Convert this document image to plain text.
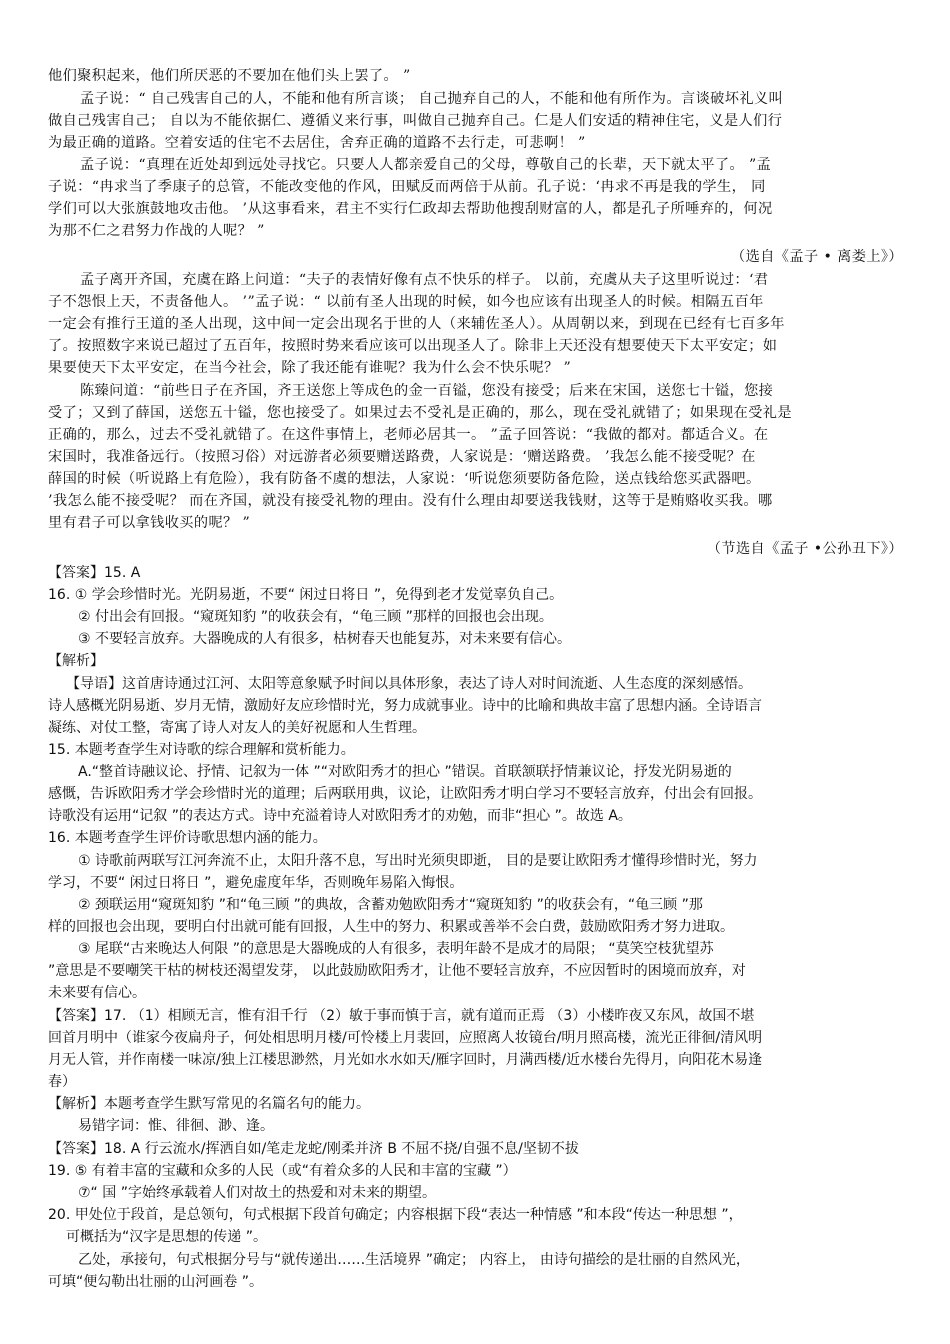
他们聚积起来，他们所厌恶的不要加在他们头上罢了。 ”
孟子说：“ 自己残害自己的人，不能和他有所言谈； 自己抛弃自己的人，不能和他有所作为。言谈破坏礼义叫
做自己残害自己； 自以为不能依据仁、遵循义来行事，叫做自己抛弃自己。仁是人们安适的精神住宅，义是人们行
为最正确的道路。空着安适的住宅不去居住，舍弃正确的道路不去行走，可悲啊！ ”
孟子说：“真理在近处却到远处寻找它。只要人人都亲爱自己的父母，尊敬自己的长辈，天下就太平了。 ”孟
子说：“冉求当了季康子的总管，不能改变他的作风，田赋反而两倍于从前。孔子说：‘冉求不再是我的学生， 同
学们可以大张旗鼓地攻击他。 ’从这事看来，君主不实行仁政却去帮助他搜刮财富的人，都是孔子所唾弃的，何况
为那不仁之君努力作战的人呢？ ”
（选自《孟子 • 离娄上》）
孟子离开齐国，充虞在路上问道：“夫子的表情好像有点不快乐的样子。 以前，充虞从夫子这里听说过：‘君
子不怨恨上天，不责备他人。 ’”孟子说：“ 以前有圣人出现的时候，如今也应该有出现圣人的时候。相隔五百年
一定会有推行王道的圣人出现，这中间一定会出现名于世的人（来辅佐圣人）。从周朝以来，到现在已经有七百多年
了。按照数字来说已超过了五百年，按照时势来看应该可以出现圣人了。除非上天还没有想要使天下太平安定；如
果要使天下太平安定，在当今社会，除了我还能有谁呢？我为什么会不快乐呢？ ”
陈臻问道：“前些日子在齐国，齐王送您上等成色的金一百镒，您没有接受；后来在宋国，送您七十镒，您接
受了；又到了薛国，送您五十镒，您也接受了。如果过去不受礼是正确的，那么，现在受礼就错了；如果现在受礼是
正确的，那么，过去不受礼就错了。在这件事情上，老师必居其一。 ”孟子回答说：“我做的都对。都适合义。在
宋国时，我准备远行。（按照习俗）对远游者必须要赠送路费，人家说是：‘赠送路费。 ’我怎么能不接受呢？在
薛国的时候（听说路上有危险），我有防备不虞的想法，人家说：‘听说您须要防备危险，送点钱给您买武器吧。
’我怎么能不接受呢？ 而在齐国，就没有接受礼物的理由。没有什么理由却要送我钱财，这等于是贿赂收买我。哪
里有君子可以拿钱收买的呢？ ”
（节选自《孟子 •公孙丑下》）
【答案】15. A
16. ① 学会珍惜时光。光阴易逝，不要“ 闲过日将日 ”，免得到老才发觉辜负自己。
② 付出会有回报。“窥斑知豹 ”的收获会有，“龟三顾 ”那样的回报也会出现。
③ 不要轻言放弃。大器晚成的人有很多，枯树春天也能复苏，对未来要有信心。
【解析】
【导语】这首唐诗通过江河、太阳等意象赋予时间以具体形象，表达了诗人对时间流逝、人生态度的深刻感悟。
诗人感概光阴易逝、岁月无情，激励好友应珍惜时光，努力成就事业。诗中的比喻和典故丰富了思想内涵。全诗语言
凝练、对仗工整，寄寓了诗人对友人的美好祝愿和人生哲理。
15. 本题考查学生对诗歌的综合理解和赏析能力。
A.“整首诗融议论、抒情、记叙为一体 ”“对欧阳秀才的担心 ”错误。首联颔联抒情兼议论，抒发光阴易逝的
感慨，告诉欧阳秀才学会珍惜时光的道理；后两联用典，议论，让欧阳秀才明白学习不要轻言放弃，付出会有回报。
诗歌没有运用“记叙 ”的表达方式。诗中充溢着诗人对欧阳秀才的劝勉，而非“担心 ”。故选 A。
16. 本题考查学生评价诗歌思想内涵的能力。
① 诗歌前两联写江河奔流不止，太阳升落不息，写出时光须臾即逝， 目的是要让欧阳秀才懂得珍惜时光，努力
学习，不要“ 闲过日将日 ”，避免虚度年华，否则晚年易陷入悔恨。
② 颈联运用“窥斑知豹 ”和“龟三顾 ”的典故，含蓄劝勉欧阳秀才“窥斑知豹 ”的收获会有，“龟三顾 ”那
样的回报也会出现，要明白付出就可能有回报，人生中的努力、积累或善举不会白费，鼓励欧阳秀才努力进取。
③ 尾联“古来晚达人何限 ”的意思是大器晚成的人有很多，表明年龄不是成才的局限； “莫笑空枝犹望苏
”意思是不要嘲笑干枯的树枝还渴望发芽， 以此鼓励欧阳秀才，让他不要轻言放弃，不应因暂时的困境而放弃，对
未来要有信心。
【答案】17. （1）相顾无言，惟有泪千行 （2）敏于事而慎于言，就有道而正焉 （3）小楼昨夜又东风，故国不堪
回首月明中（谁家今夜扁舟子，何处相思明月楼/可怜楼上月裴回，应照离人妆镜台/明月照高楼，流光正徘徊/清风明
月无人管，并作南楼一味凉/独上江楼思渺然，月光如水水如天/雁字回时，月满西楼/近水楼台先得月，向阳花木易逢
春）
【解析】本题考查学生默写常见的名篇名句的能力。
易错字词：惟、徘徊、渺、逢。
【答案】18. A 行云流水/挥洒自如/笔走龙蛇/刚柔并济 B 不屈不挠/自强不息/坚韧不拔
19. ⑤ 有着丰富的宝藏和众多的人民（或“有着众多的人民和丰富的宝藏 ”）
⑦“ 国 ”字始终承载着人们对故土的热爱和对未来的期望。
20. 甲处位于段首，是总领句，句式根据下段首句确定；内容根据下段“表达一种情感 ”和本段“传达一种思想 ”，
可概括为“汉字是思想的传递 ”。
乙处，承接句，句式根据分号与“就传递出……生活境界 ”确定； 内容上， 由诗句描绘的是壮丽的自然风光，
可填“便勾勒出壮丽的山河画卷 ”。
